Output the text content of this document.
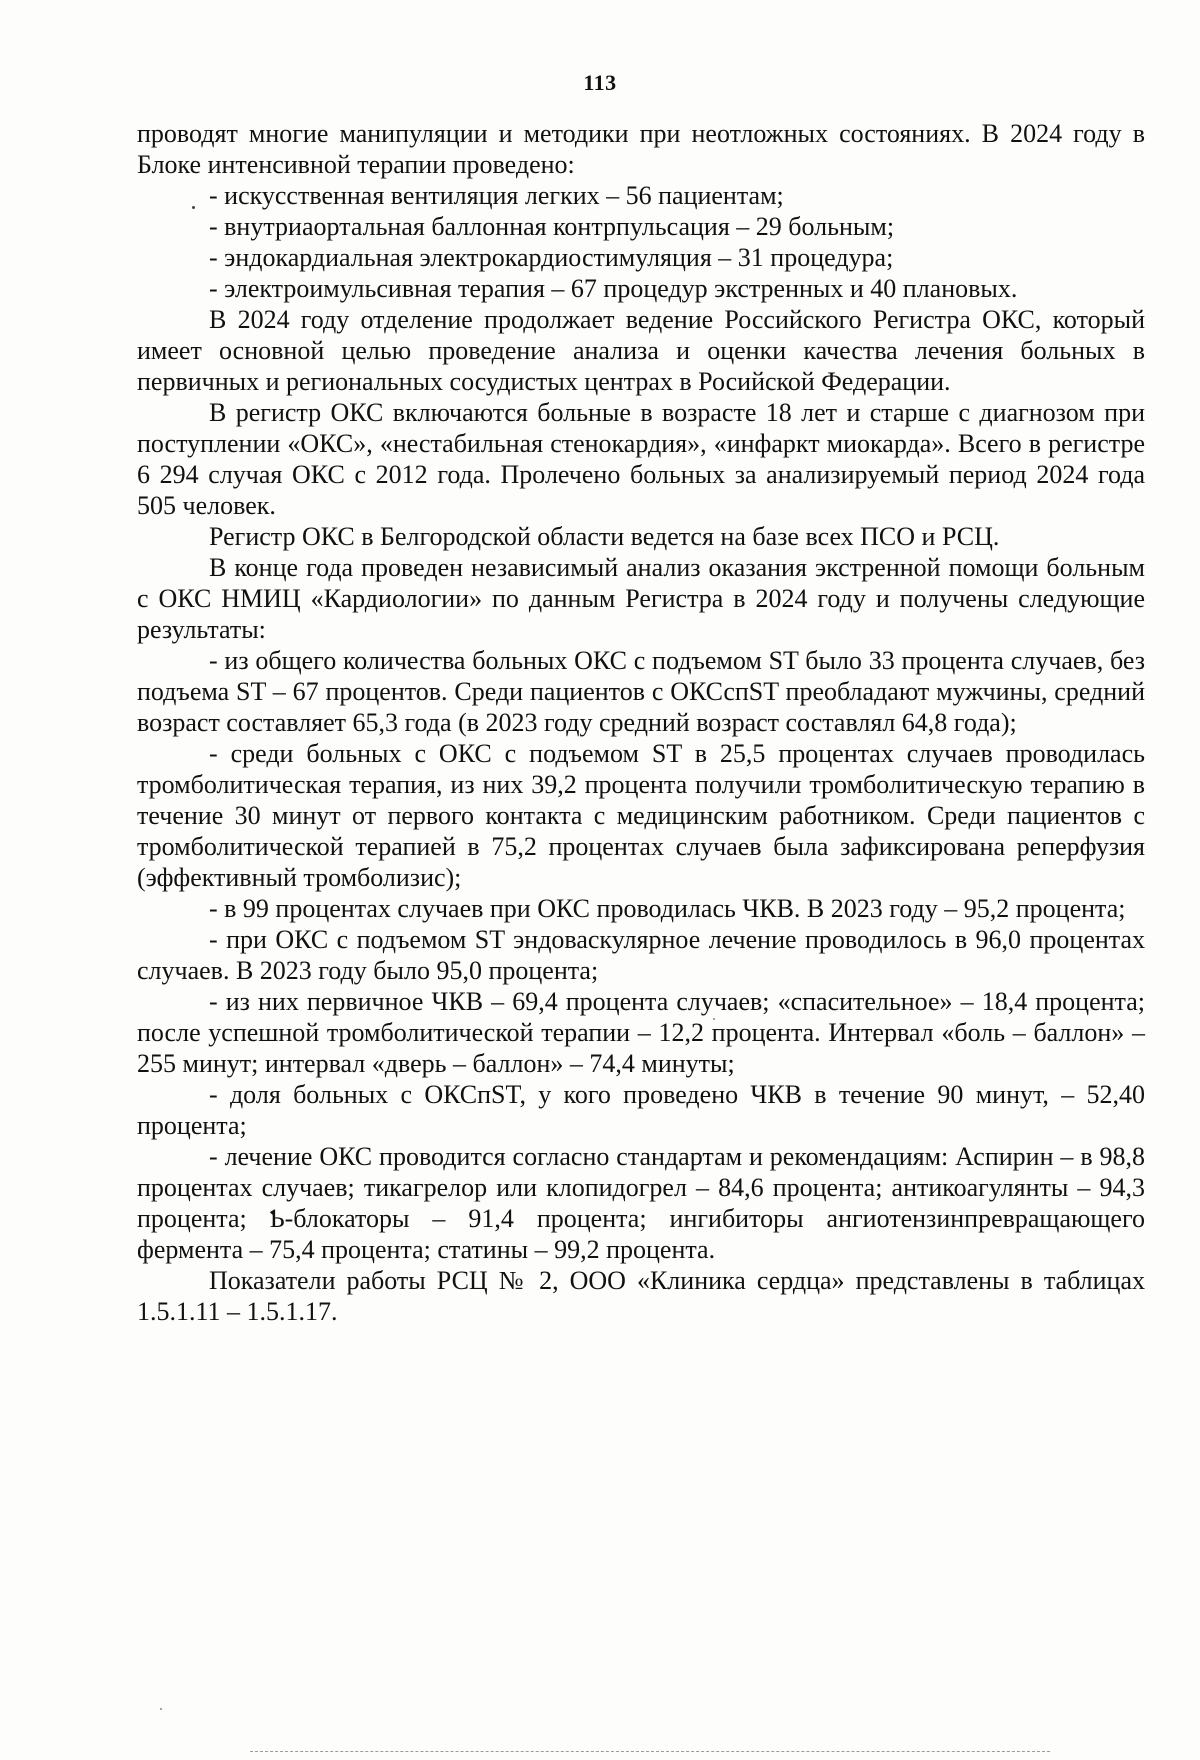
113

проводят многие манипуляции и методики при неотложных состояниях. В 2024 году в Блоке интенсивной терапии проведено:

- искусственная вентиляция легких – 56 пациентам;

- внутриаортальная баллонная контрпульсация – 29 больным;

- эндокардиальная электрокардиостимуляция – 31 процедура;

- электроимульсивная терапия – 67 процедур экстренных и 40 плановых.

В 2024 году отделение продолжает ведение Российского Регистра ОКС, который имеет основной целью проведение анализа и оценки качества лечения больных в первичных и региональных сосудистых центрах в Росийской Федерации.

В регистр ОКС включаются больные в возрасте 18 лет и старше с диагнозом при поступлении «ОКС», «нестабильная стенокардия», «инфаркт миокарда». Всего в регистре 6 294 случая ОКС с 2012 года. Пролечено больных за анализируемый период 2024 года 505 человек.

Регистр ОКС в Белгородской области ведется на базе всех ПСО и РСЦ.

В конце года проведен независимый анализ оказания экстренной помощи больным с ОКС НМИЦ «Кардиологии» по данным Регистра в 2024 году и получены следующие результаты:

- из общего количества больных ОКС с подъемом ST было 33 процента случаев, без подъема ST – 67 процентов. Среди пациентов с ОКСспST преобладают мужчины, средний возраст составляет 65,3 года (в 2023 году средний возраст составлял 64,8 года);

- среди больных с ОКС с подъемом ST в 25,5 процентах случаев проводилась тромболитическая терапия, из них 39,2 процента получили тромболитическую терапию в течение 30 минут от первого контакта с медицинским работником. Среди пациентов с тромболитической терапией в 75,2 процентах случаев была зафиксирована реперфузия (эффективный тромболизис);

- в 99 процентах случаев при ОКС проводилась ЧКВ. В 2023 году – 95,2 процента;

- при ОКС с подъемом ST эндоваскулярное лечение проводилось в 96,0 процентах случаев. В 2023 году было 95,0 процента;

- из них первичное ЧКВ – 69,4 процента случаев; «спасительное» – 18,4 процента; после успешной тромболитической терапии – 12,2 процента. Интервал «боль – баллон» – 255 минут; интервал «дверь – баллон» – 74,4 минуты;

- доля больных с ОКСпST, у кого проведено ЧКВ в течение 90 минут, – 52,40 процента;

- лечение ОКС проводится согласно стандартам и рекомендациям: Аспирин – в 98,8 процентах случаев; тикагрелор или клопидогрел – 84,6 процента; антикоагулянты – 94,3 процента; Ƅ-блокаторы – 91,4 процента; ингибиторы ангиотензинпревращающего фермента – 75,4 процента; статины – 99,2 процента.

Показатели работы РСЦ № 2, ООО «Клиника сердца» представлены в таблицах 1.5.1.11 – 1.5.1.17.
